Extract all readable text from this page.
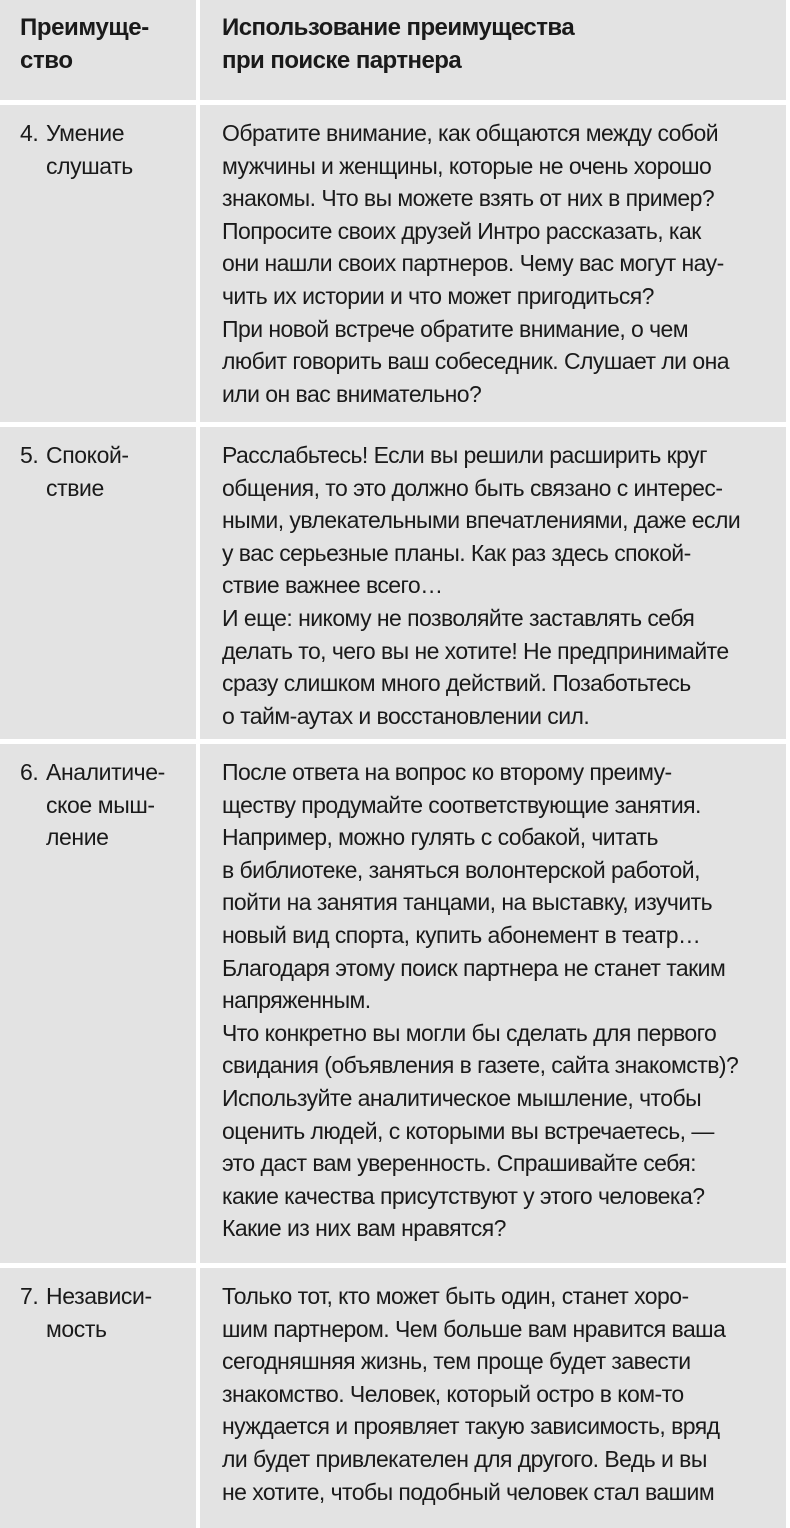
Преимуще-
ство
Использование преимущества
при поиске партнера
4. Умение
слушать
Обратите внимание, как общаются между собой
мужчины и женщины, которые не очень хорошо
знакомы. Что вы можете взять от них в пример?
Попросите своих друзей Интро рассказать, как
они нашли своих партнеров. Чему вас могут нау-
чить их истории и что может пригодиться?
При новой встрече обратите внимание, о чем
любит говорить ваш собеседник. Слушает ли она
или он вас внимательно?
5. Спокой-
ствие
Расслабьтесь! Если вы решили расширить круг
общения, то это должно быть связано с интерес-
ными, увлекательными впечатлениями, даже если
у вас серьезные планы. Как раз здесь спокой-
ствие важнее всего…
И еще: никому не позволяйте заставлять себя
делать то, чего вы не хотите! Не предпринимайте
сразу слишком много действий. Позаботьтесь
о тайм-аутах и восстановлении сил.
6. Аналитиче-
ское мыш-
ление
После ответа на вопрос ко второму преиму-
ществу продумайте соответствующие занятия.
Например, можно гулять с собакой, читать
в библиотеке, заняться волонтерской работой,
пойти на занятия танцами, на выставку, изучить
новый вид спорта, купить абонемент в театр…
Благодаря этому поиск партнера не станет таким
напряженным.
Что конкретно вы могли бы сделать для первого
свидания (объявления в газете, сайта знакомств)?
Используйте аналитическое мышление, чтобы
оценить людей, с которыми вы встречаетесь, —
это даст вам уверенность. Спрашивайте себя:
какие качества присутствуют у этого человека?
Какие из них вам нравятся?
7. Независи-
мость
Только тот, кто может быть один, станет хоро-
шим партнером. Чем больше вам нравится ваша
сегодняшняя жизнь, тем проще будет завести
знакомство. Человек, который остро в ком-то
нуждается и проявляет такую зависимость, вряд
ли будет привлекателен для другого. Ведь и вы
не хотите, чтобы подобный человек стал вашим
